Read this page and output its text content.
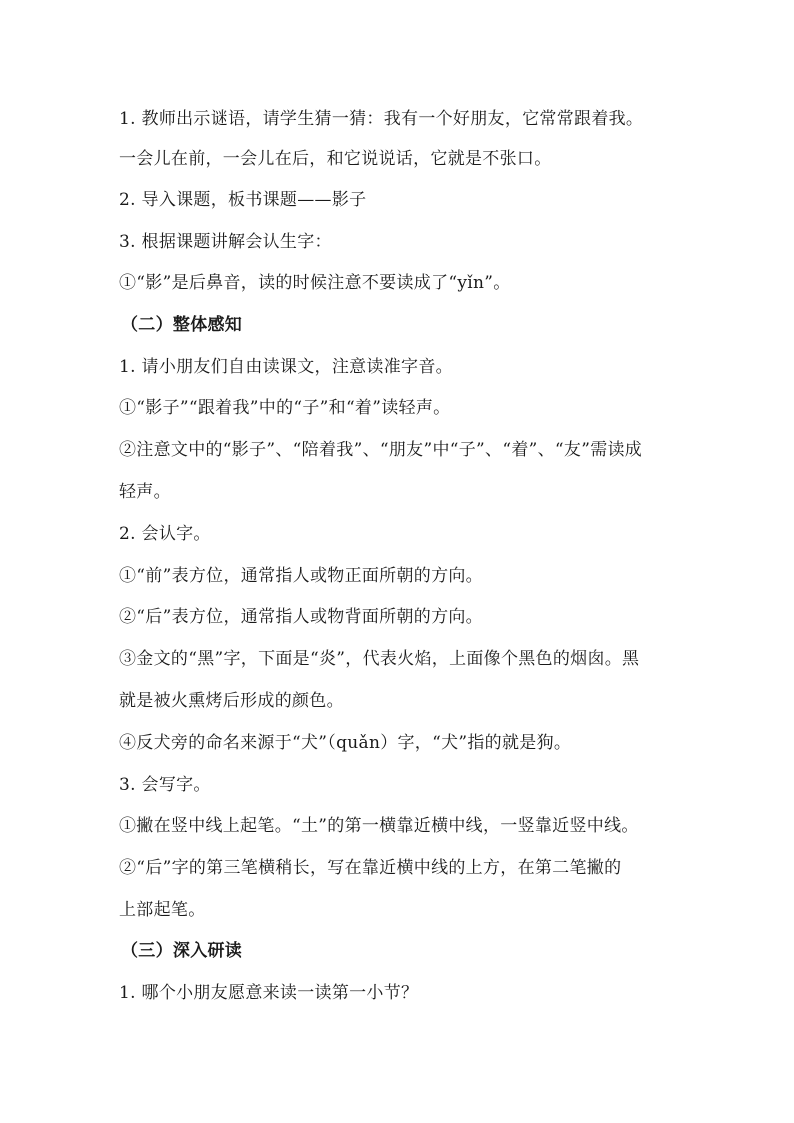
1. 教师出示谜语，请学生猜一猜：我有一个好朋友，它常常跟着我。
一会儿在前，一会儿在后，和它说说话，它就是不张口。
2. 导入课题，板书课题——影子
3. 根据课题讲解会认生字：
①“影”是后鼻音，读的时候注意不要读成了“yǐn”。
（二）整体感知
1. 请小朋友们自由读课文，注意读准字音。
①“影子”“跟着我”中的“子”和“着”读轻声。
②注意文中的“影子”、“陪着我”、“朋友”中“子”、“着”、“友”需读成
轻声。
2. 会认字。
①“前”表方位，通常指人或物正面所朝的方向。
②“后”表方位，通常指人或物背面所朝的方向。
③金文的“黑”字，下面是“炎”，代表火焰，上面像个黑色的烟囱。黑
就是被火熏烤后形成的颜色。
④反犬旁的命名来源于“犬”（quǎn）字，“犬”指的就是狗。
3. 会写字。
①撇在竖中线上起笔。“土”的第一横靠近横中线，一竖靠近竖中线。
②“后”字的第三笔横稍长，写在靠近横中线的上方，在第二笔撇的
上部起笔。
（三）深入研读
1. 哪个小朋友愿意来读一读第一小节？
